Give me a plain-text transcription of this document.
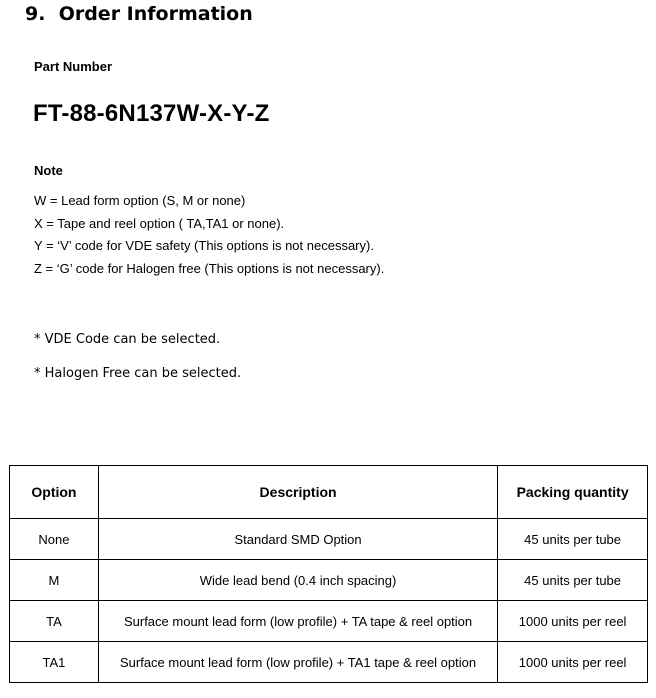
9. Order Information
Part Number
FT-88-6N137W-X-Y-Z
Note
W = Lead form option (S, M or none)
X = Tape and reel option ( TA,TA1 or none).
Y = ‘V’ code for VDE safety (This options is not necessary).
Z = ‘G’ code for Halogen free (This options is not necessary).
* VDE Code can be selected.
* Halogen Free can be selected.
Option	Description	Packing quantity
None	Standard SMD Option	45 units per tube
M	Wide lead bend (0.4 inch spacing)	45 units per tube
TA	Surface mount lead form (low profile) + TA tape & reel option	1000 units per reel
TA1	Surface mount lead form (low profile) + TA1 tape & reel option	1000 units per reel
